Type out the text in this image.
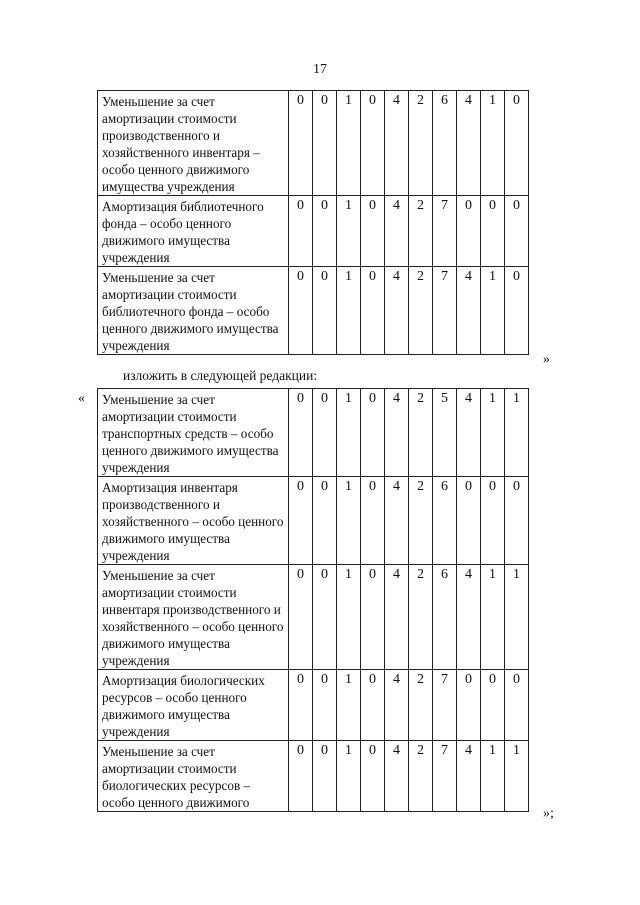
17
Уменьшение за счет амортизации стоимости производственного и хозяйственного инвентаря – особо ценного движимого имущества учреждения	0	0	1	0	4	2	6	4	1	0
Амортизация библиотечного фонда – особо ценного движимого имущества учреждения	0	0	1	0	4	2	7	0	0	0
Уменьшение за счет амортизации стоимости библиотечного фонда – особо ценного движимого имущества учреждения	0	0	1	0	4	2	7	4	1	0
»
изложить в следующей редакции:
« Уменьшение за счет амортизации стоимости транспортных средств – особо ценного движимого имущества учреждения	0	0	1	0	4	2	5	4	1	1
Амортизация инвентаря производственного и хозяйственного – особо ценного движимого имущества учреждения	0	0	1	0	4	2	6	0	0	0
Уменьшение за счет амортизации стоимости инвентаря производственного и хозяйственного – особо ценного движимого имущества учреждения	0	0	1	0	4	2	6	4	1	1
Амортизация биологических ресурсов – особо ценного движимого имущества учреждения	0	0	1	0	4	2	7	0	0	0
Уменьшение за счет амортизации стоимости биологических ресурсов – особо ценного движимого	0	0	1	0	4	2	7	4	1	1
»;
